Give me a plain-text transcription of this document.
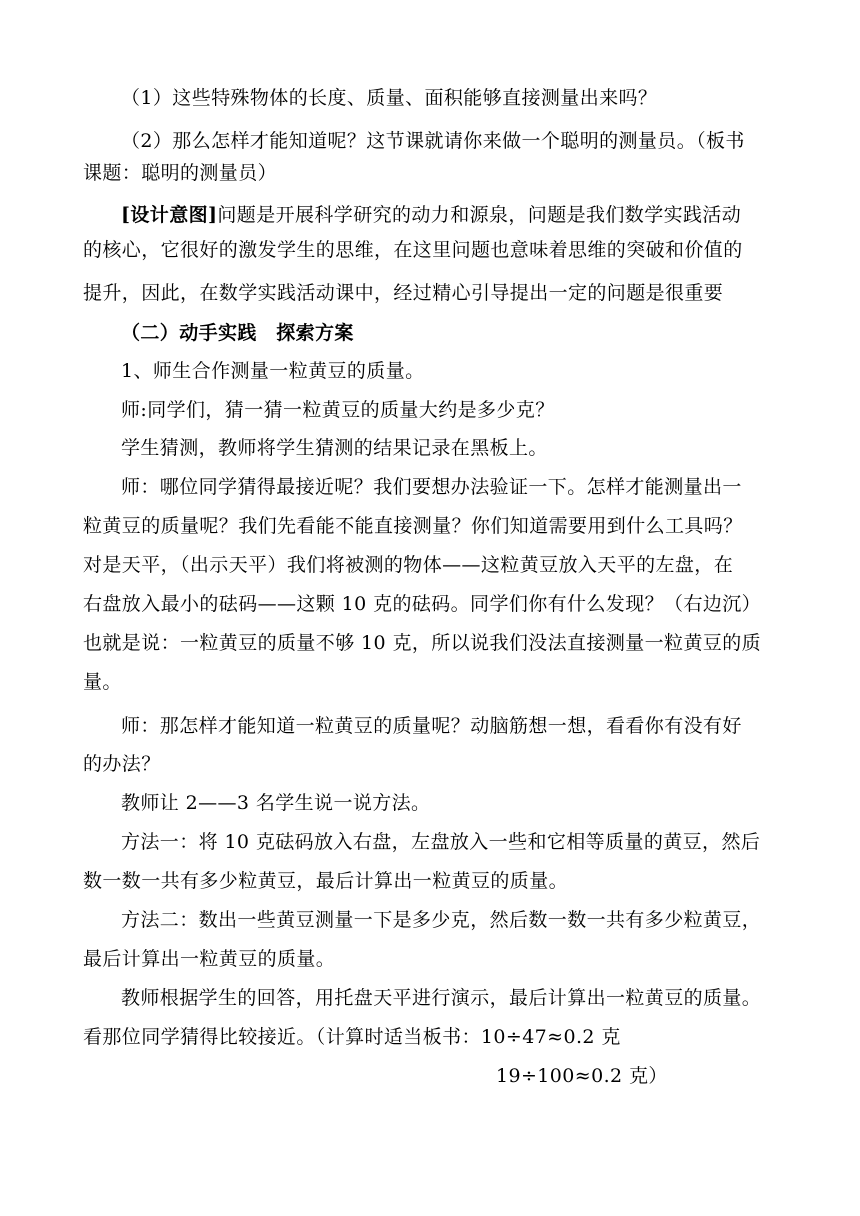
（1）这些特殊物体的长度、质量、面积能够直接测量出来吗？
（2）那么怎样才能知道呢？这节课就请你来做一个聪明的测量员。（板书
课题：聪明的测量员）
[设计意图]问题是开展科学研究的动力和源泉，问题是我们数学实践活动
的核心，它很好的激发学生的思维，在这里问题也意味着思维的突破和价值的
提升，因此，在数学实践活动课中，经过精心引导提出一定的问题是很重要
（二）动手实践　探索方案
1、师生合作测量一粒黄豆的质量。
师:同学们，猜一猜一粒黄豆的质量大约是多少克？
学生猜测，教师将学生猜测的结果记录在黑板上。
师：哪位同学猜得最接近呢？我们要想办法验证一下。怎样才能测量出一
粒黄豆的质量呢？我们先看能不能直接测量？你们知道需要用到什么工具吗？
对是天平，（出示天平）我们将被测的物体——这粒黄豆放入天平的左盘，在
右盘放入最小的砝码——这颗 10 克的砝码。同学们你有什么发现？（右边沉）
也就是说：一粒黄豆的质量不够 10 克，所以说我们没法直接测量一粒黄豆的质
量。
师：那怎样才能知道一粒黄豆的质量呢？动脑筋想一想，看看你有没有好
的办法？
教师让 2——3 名学生说一说方法。
方法一：将 10 克砝码放入右盘，左盘放入一些和它相等质量的黄豆，然后
数一数一共有多少粒黄豆，最后计算出一粒黄豆的质量。
方法二：数出一些黄豆测量一下是多少克，然后数一数一共有多少粒黄豆，
最后计算出一粒黄豆的质量。
教师根据学生的回答，用托盘天平进行演示，最后计算出一粒黄豆的质量。
看那位同学猜得比较接近。（计算时适当板书：10÷47≈0.2 克
19÷100≈0.2 克）
